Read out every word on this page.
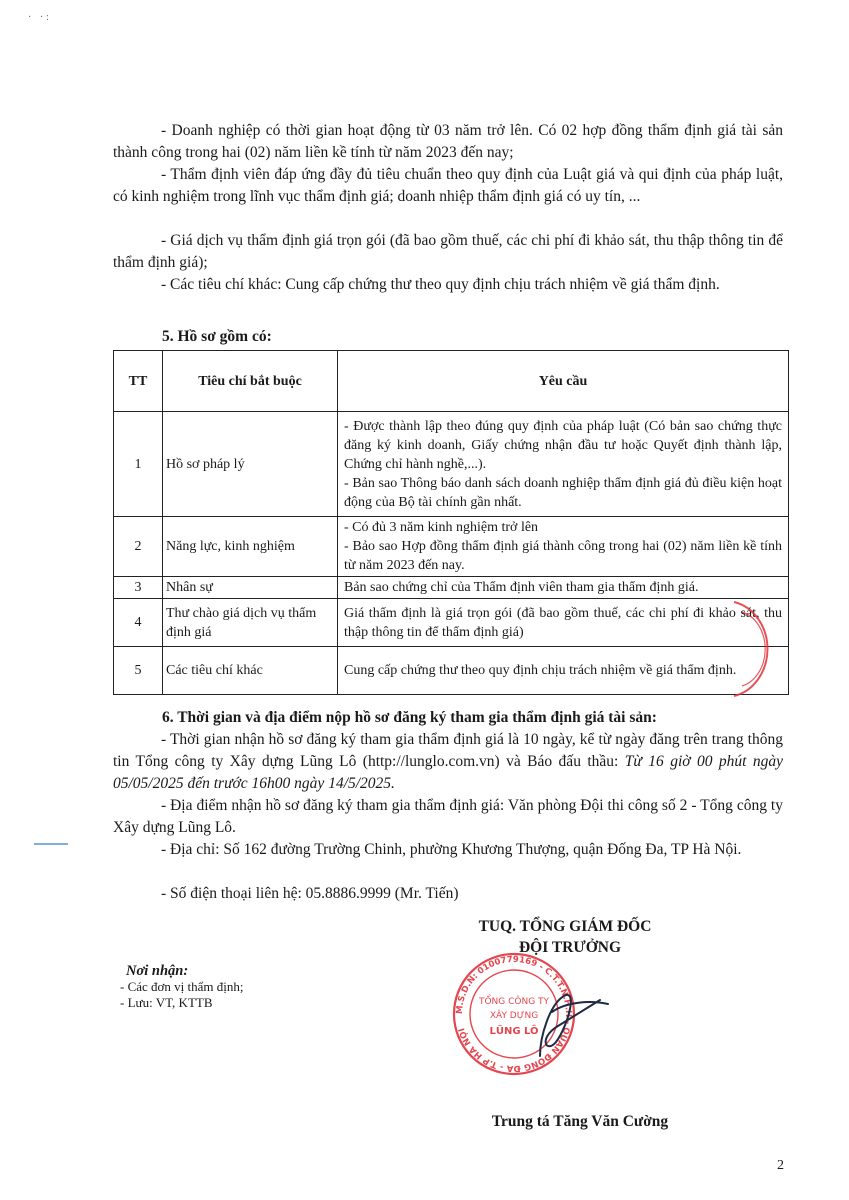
· ·:
- Doanh nghiệp có thời gian hoạt động từ 03 năm trở lên. Có 02 hợp đồng thẩm định giá tài sản thành công trong hai (02) năm liền kề tính từ năm 2023 đến nay;
- Thẩm định viên đáp ứng đầy đủ tiêu chuẩn theo quy định của Luật giá và qui định của pháp luật, có kinh nghiệm trong lĩnh vục thẩm định giá; doanh nhiệp thẩm định giá có uy tín, ...
- Giá dịch vụ thẩm định giá trọn gói (đã bao gồm thuế, các chi phí đi khảo sát, thu thập thông tin để thẩm định giá);
- Các tiêu chí khác: Cung cấp chứng thư theo quy định chịu trách nhiệm về giá thẩm định.
5. Hồ sơ gồm có:
TT	Tiêu chí bắt buộc	Yêu cầu
1	Hồ sơ pháp lý	- Được thành lập theo đúng quy định của pháp luật (Có bản sao chứng thực đăng ký kinh doanh, Giấy chứng nhận đầu tư hoặc Quyết định thành lập, Chứng chỉ hành nghề,...).
- Bản sao Thông báo danh sách doanh nghiệp thẩm định giá đủ điều kiện hoạt động của Bộ tài chính gần nhất.

2	Năng lực, kinh nghiệm	- Có đủ 3 năm kinh nghiệm trở lên
- Bảo sao Hợp đồng thẩm định giá thành công trong hai (02) năm liền kề tính từ năm 2023 đến nay.
3	Nhân sự	Bản sao chứng chỉ của Thẩm định viên tham gia thẩm định giá.
4	Thư chào giá dịch vụ thẩm định giá	Giá thẩm định là giá trọn gói (đã bao gồm thuế, các chi phí đi khảo sát, thu thập thông tin để thẩm định giá)
5	Các tiêu chí khác	Cung cấp chứng thư theo quy định chịu trách nhiệm về giá thẩm định.
6. Thời gian và địa điểm nộp hồ sơ đăng ký tham gia thẩm định giá tài sản:
- Thời gian nhận hồ sơ đăng ký tham gia thẩm định giá là 10 ngày, kể từ ngày đăng trên trang thông tin Tổng công ty Xây dựng Lũng Lô (http://lunglo.com.vn) và Báo đấu thầu: Từ 16 giờ 00 phút ngày 05/05/2025 đến trước 16h00 ngày 14/5/2025.
- Địa điểm nhận hồ sơ đăng ký tham gia thẩm định giá: Văn phòng Đội thi công số 2 - Tổng công ty Xây dựng Lũng Lô.
- Địa chỉ: Số 162 đường Trường Chinh, phường Khương Thượng, quận Đống Đa, TP Hà Nội.
- Số điện thoại liên hệ: 05.8886.9999 (Mr. Tiến)
TUQ. TỔNG GIÁM ĐỐC
ĐỘI TRƯỞNG
M.S.D.N: 0100779169 - C.T.T.N.H.H - QUẬN ĐỐNG ĐA - T.P HÀ NỘI
TỔNG CÔNG TY
XÂY DỰNG
LŨNG LÔ
Nơi nhận:
- Các đơn vị thẩm định;
- Lưu: VT, KTTB
Trung tá Tăng Văn Cường
2
